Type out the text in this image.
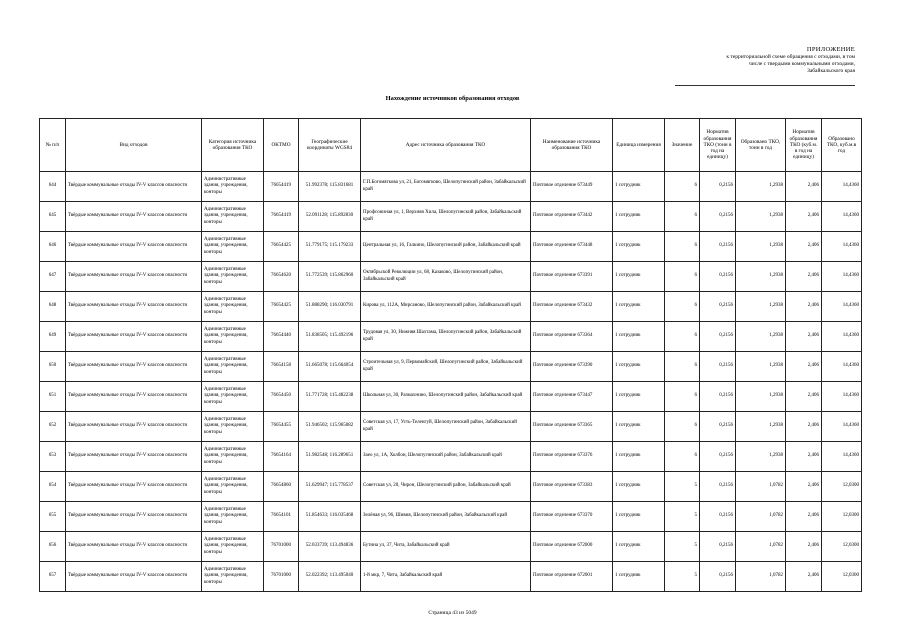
ПРИЛОЖЕНИЕ
к территориальной схеме обращения с отходами, в том
числе с твердыми коммунальными отходами,
Забайкальского края
Нахождение источников образования отходов
№ п/п	Вид отходов	Категория источника образования ТКО	ОКТМО	Географические координаты WGS84	Адрес источника образования ТКО	Наименование источника образования ТКО	Единица измерения	Значение	Норматив образования ТКО (тонн в год на единицу)	Образовано ТКО, тонн в год	Норматив образования ТКО (куб.м. в год на единицу)	Образовано ТКО, куб.м.в год
644	Твёрдые коммунальные отходы IV-V классов опасности	Административные здания, учреждения, конторы	76654419	51.992378; 115.831681	Г.П.Богомягкова ул, 21, Богомягково, Шелопугинский район, Забайкальский край	Почтовое отделение 673449	1 сотрудник	6	0,2156	1,2938	2,406	14,4360
645	Твёрдые коммунальные отходы IV-V классов опасности	Административные здания, учреждения, конторы	76654419	52.091128; 115.892830	Профсоюзная ул, 1, Верхняя Хила, Шелопугинский район, Забайкальский край	Почтовое отделение 673442	1 сотрудник	6	0,2156	1,2938	2,406	14,4360
646	Твёрдые коммунальные отходы IV-V классов опасности	Административные здания, учреждения, конторы	76654425	51.779175; 115.179233	Центральная ул, 16, Галкино, Шелопугинский район, Забайкальский край	Почтовое отделение 673448	1 сотрудник	6	0,2156	1,2938	2,406	14,4360
647	Твёрдые коммунальные отходы IV-V классов опасности	Административные здания, учреждения, конторы	76654620	51.772539; 115.862960	Октябрьской Революции ул, 68, Казаково, Шелопугинский район, Забайкальский край	Почтовое отделение 673391	1 сотрудник	6	0,2156	1,2938	2,406	14,4360
648	Твёрдые коммунальные отходы IV-V классов опасности	Административные здания, учреждения, конторы	76654425	51.888290; 116.030791	Кирова ул, 112А, Мирсаново, Шелопугинский район, Забайкальский край	Почтовое отделение 673432	1 сотрудник	6	0,2156	1,2938	2,406	14,4360
649	Твёрдые коммунальные отходы IV-V классов опасности	Административные здания, учреждения, конторы	76654440	51.838505; 115.492196	Трудовая ул, 30, Нижняя Шахтама, Шелопугинский район, Забайкальский край	Почтовое отделение 673364	1 сотрудник	6	0,2156	1,2938	2,406	14,4360
650	Твёрдые коммунальные отходы IV-V классов опасности	Административные здания, учреждения, конторы	76654158	51.665078; 115.664054	Строительная ул, 9, Первомайский, Шелопугинский район, Забайкальский край	Почтовое отделение 673390	1 сотрудник	6	0,2156	1,2938	2,406	14,4360
651	Твёрдые коммунальные отходы IV-V классов опасности	Административные здания, учреждения, конторы	76654450	51.771728; 115.482238	Школьная ул, 30, Размахнино, Шелопугинский район, Забайкальский край	Почтовое отделение 673447	1 сотрудник	6	0,2156	1,2938	2,406	14,4360
652	Твёрдые коммунальные отходы IV-V классов опасности	Административные здания, учреждения, конторы	76654455	51.946502; 115.965082	Советская ул, 17, Усть-Теленгуй, Шелопугинский район, Забайкальский край	Почтовое отделение 673365	1 сотрудник	6	0,2156	1,2938	2,406	14,4360
653	Твёрдые коммунальные отходы IV-V классов опасности	Административные здания, учреждения, конторы	76654164	51.982548; 116.289651	Заео ул, 1А, Холбон, Шелопугинский район, Забайкальский край	Почтовое отделение 673376	1 сотрудник	6	0,2156	1,2938	2,406	14,4360
654	Твёрдые коммунальные отходы IV-V классов опасности	Административные здания, учреждения, конторы	76654860	51.629947; 115.778537	Советская ул, 20, Чирон, Шелопугинский район, Забайкальский край	Почтовое отделение 673383	1 сотрудник	5	0,2156	1,0782	2,406	12,0300
655	Твёрдые коммунальные отходы IV-V классов опасности	Административные здания, учреждения, конторы	76654101	51.854633; 116.035468	Зелёная ул, 96, Шивия, Шелопугинский район, Забайкальский край	Почтовое отделение 673370	1 сотрудник	5	0,2156	1,0782	2,406	12,0300
656	Твёрдые коммунальные отходы IV-V классов опасности	Административные здания, учреждения, конторы	76701000	52.033739; 113.494836	Бутина ул, 37, Чита, Забайкальский край	Почтовое отделение 672000	1 сотрудник	5	0,2156	1,0782	2,406	12,0300
657	Твёрдые коммунальные отходы IV-V классов опасности	Административные здания, учреждения, конторы	76701000	52.022392; 113.495040	1-й мкр, 7, Чита, Забайкальский край	Почтовое отделение 672001	1 сотрудник	5	0,2156	1,0782	2,406	12,0300
Страница 43 из 5049
